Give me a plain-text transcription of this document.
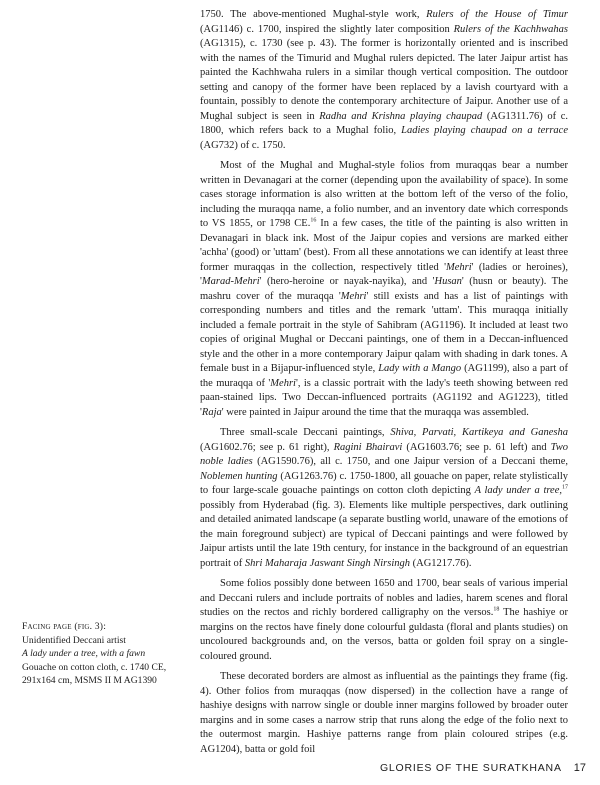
1750. The above-mentioned Mughal-style work, Rulers of the House of Timur (AG1146) c. 1700, inspired the slightly later composition Rulers of the Kachhwahas (AG1315), c. 1730 (see p. 43). The former is horizontally oriented and is inscribed with the names of the Timurid and Mughal rulers depicted. The later Jaipur artist has painted the Kachhwaha rulers in a similar though vertical composition. The outdoor setting and canopy of the former have been replaced by a lavish courtyard with a fountain, possibly to denote the contemporary architecture of Jaipur. Another use of a Mughal subject is seen in Radha and Krishna playing chaupad (AG1311.76) of c. 1800, which refers back to a Mughal folio, Ladies playing chaupad on a terrace (AG732) of c. 1750.

Most of the Mughal and Mughal-style folios from muraqqas bear a number written in Devanagari at the corner (depending upon the availability of space). In some cases storage information is also written at the bottom left of the verso of the folio, including the muraqqa name, a folio number, and an inventory date which corresponds to VS 1855, or 1798 CE.$^{16}$ In a few cases, the title of the painting is also written in Devanagari in black ink. Most of the Jaipur copies and versions are marked either 'achha' (good) or 'uttam' (best). From all these annotations we can identify at least three former muraqqas in the collection, respectively titled 'Mehri' (ladies or heroines), 'Marad-Mehri' (hero-heroine or nayak-nayika), and 'Husan' (husn or beauty). The mashru cover of the muraqqa 'Mehri' still exists and has a list of paintings with corresponding numbers and titles and the remark 'uttam'. This muraqqa initially included a female portrait in the style of Sahibram (AG1196). It included at least two copies of original Mughal or Deccani paintings, one of them in a Deccan-influenced style and the other in a more contemporary Jaipur qalam with shading in dark tones. A female bust in a Bijapur-influenced style, Lady with a Mango (AG1199), also a part of the muraqqa of 'Mehri', is a classic portrait with the lady's teeth showing between red paan-stained lips. Two Deccan-influenced portraits (AG1192 and AG1223), titled 'Raja' were painted in Jaipur around the time that the muraqqa was assembled.

Three small-scale Deccani paintings, Shiva, Parvati, Kartikeya and Ganesha (AG1602.76; see p. 61 right), Ragini Bhairavi (AG1603.76; see p. 61 left) and Two noble ladies (AG1590.76), all c. 1750, and one Jaipur version of a Deccani theme, Noblemen hunting (AG1263.76) c. 1750-1800, all gouache on paper, relate stylistically to four large-scale gouache paintings on cotton cloth depicting A lady under a tree,$^{17}$ possibly from Hyderabad (fig. 3). Elements like multiple perspectives, dark outlining and detailed animated landscape (a separate bustling world, unaware of the emotions of the main foreground subject) are typical of Deccani paintings and were followed by Jaipur artists until the late 19th century, for instance in the background of an equestrian portrait of Shri Maharaja Jaswant Singh Nirsingh (AG1217.76).

Some folios possibly done between 1650 and 1700, bear seals of various imperial and Deccani rulers and include portraits of nobles and ladies, harem scenes and floral studies on the rectos and richly bordered calligraphy on the versos.$^{18}$ The hashiye or margins on the rectos have finely done colourful guldasta (floral and plants studies) on uncoloured backgrounds and, on the versos, batta or golden foil spray on a single-coloured ground.

These decorated borders are almost as influential as the paintings they frame (fig. 4). Other folios from muraqqas (now dispersed) in the collection have a range of hashiye designs with narrow single or double inner margins followed by broader outer margins and in some cases a narrow strip that runs along the edge of the folio next to the outermost margin. Hashiye patterns range from plain coloured stripes (e.g. AG1204), batta or gold foil

Facing page (fig. 3):
Unidentified Deccani artist
A lady under a tree, with a fawn
Gouache on cotton cloth, c. 1740 CE,
291x164 cm, MSMS II M AG1390
GLORIES OF THE SURATKHANA 17
